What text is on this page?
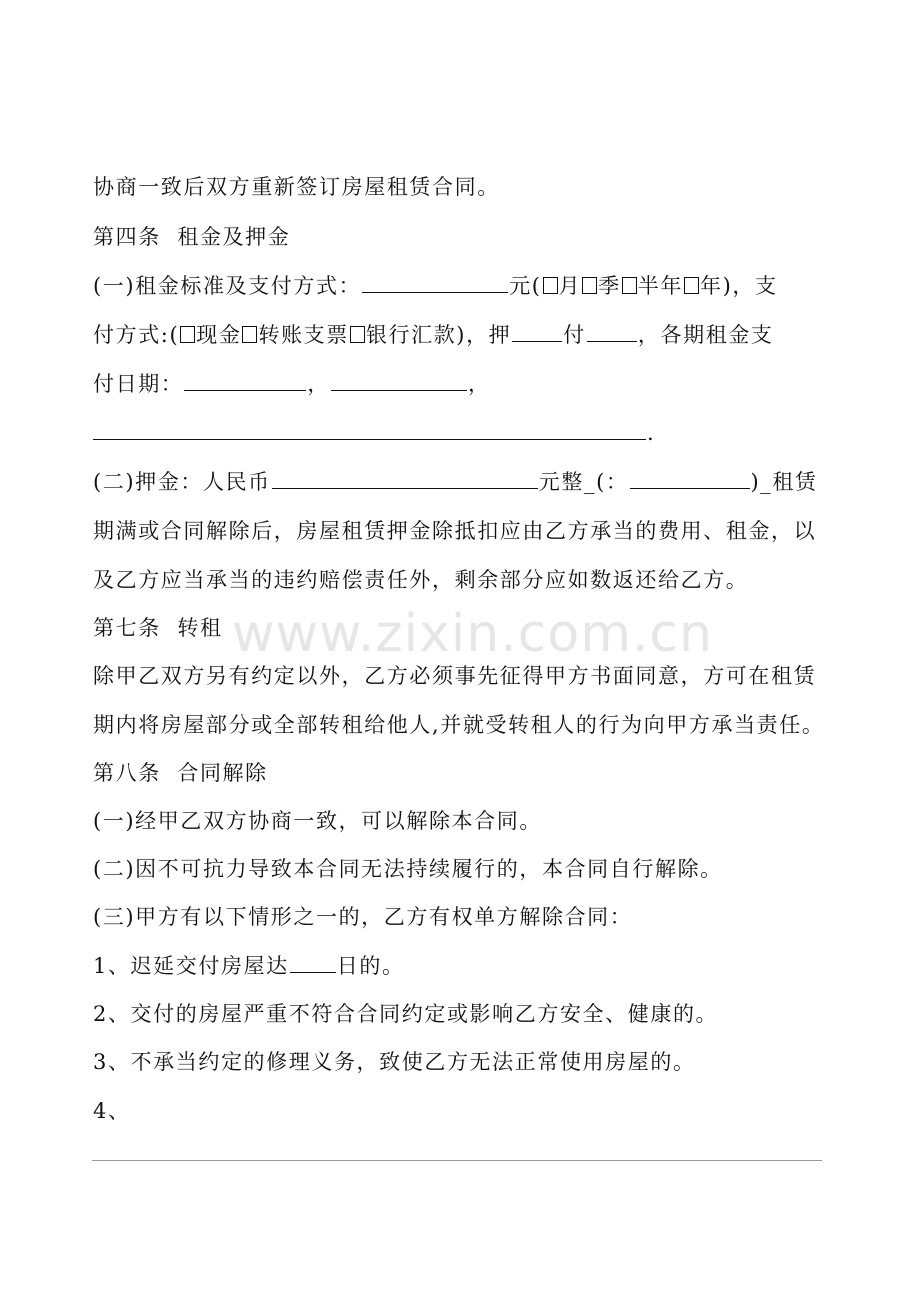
www.zixin.com.cn
协商一致后双方重新签订房屋租赁合同。
第四条  租金及押金
(一)租金标准及支付方式：	元( 月 季 半年 年)，支
付方式:( 现金 转账支票 银行汇款)，押 付 ，各期租金支
付日期：	，	，
.
(二)押金：人民币	元整_(：	)_租赁
期满或合同解除后，房屋租赁押金除抵扣应由乙方承当的费用、租金，以
及乙方应当承当的违约赔偿责任外，剩余部分应如数返还给乙方。
第七条  转租
除甲乙双方另有约定以外，乙方必须事先征得甲方书面同意，方可在租赁
期内将房屋部分或全部转租给他人,并就受转租人的行为向甲方承当责任。
第八条  合同解除
(一)经甲乙双方协商一致，可以解除本合同。
(二)因不可抗力导致本合同无法持续履行的，本合同自行解除。
(三)甲方有以下情形之一的，乙方有权单方解除合同：
1、迟延交付房屋达 日的。
2、交付的房屋严重不符合合同约定或影响乙方安全、健康的。
3、不承当约定的修理义务，致使乙方无法正常使用房屋的。
4、
